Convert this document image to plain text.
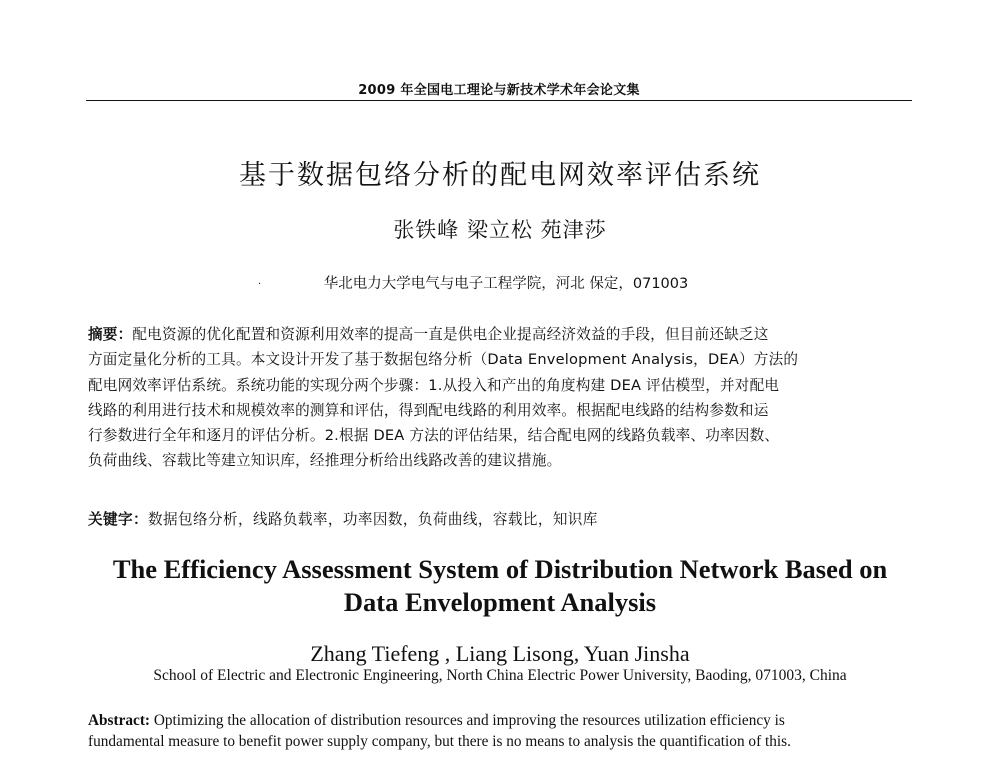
2009 年全国电工理论与新技术学术年会论文集
基于数据包络分析的配电网效率评估系统
张铁峰 梁立松 苑津莎
.	华北电力大学电气与电子工程学院，河北 保定，071003
摘要：配电资源的优化配置和资源利用效率的提高一直是供电企业提高经济效益的手段，但目前还缺乏这
方面定量化分析的工具。本文设计开发了基于数据包络分析（Data Envelopment Analysis，DEA）方法的
配电网效率评估系统。系统功能的实现分两个步骤：1.从投入和产出的角度构建 DEA 评估模型，并对配电
线路的利用进行技术和规模效率的测算和评估，得到配电线路的利用效率。根据配电线路的结构参数和运
行参数进行全年和逐月的评估分析。2.根据 DEA 方法的评估结果，结合配电网的线路负载率、功率因数、
负荷曲线、容载比等建立知识库，经推理分析给出线路改善的建议措施。
关键字：数据包络分析，线路负载率，功率因数，负荷曲线，容载比，知识库
The Efficiency Assessment System of Distribution Network Based on
Data Envelopment Analysis
Zhang Tiefeng , Liang Lisong, Yuan Jinsha
School of Electric and Electronic Engineering, North China Electric Power University, Baoding, 071003, China
Abstract: Optimizing the allocation of distribution resources and improving the resources utilization efficiency is
fundamental measure to benefit power supply company, but there is no means to analysis the quantification of this.
